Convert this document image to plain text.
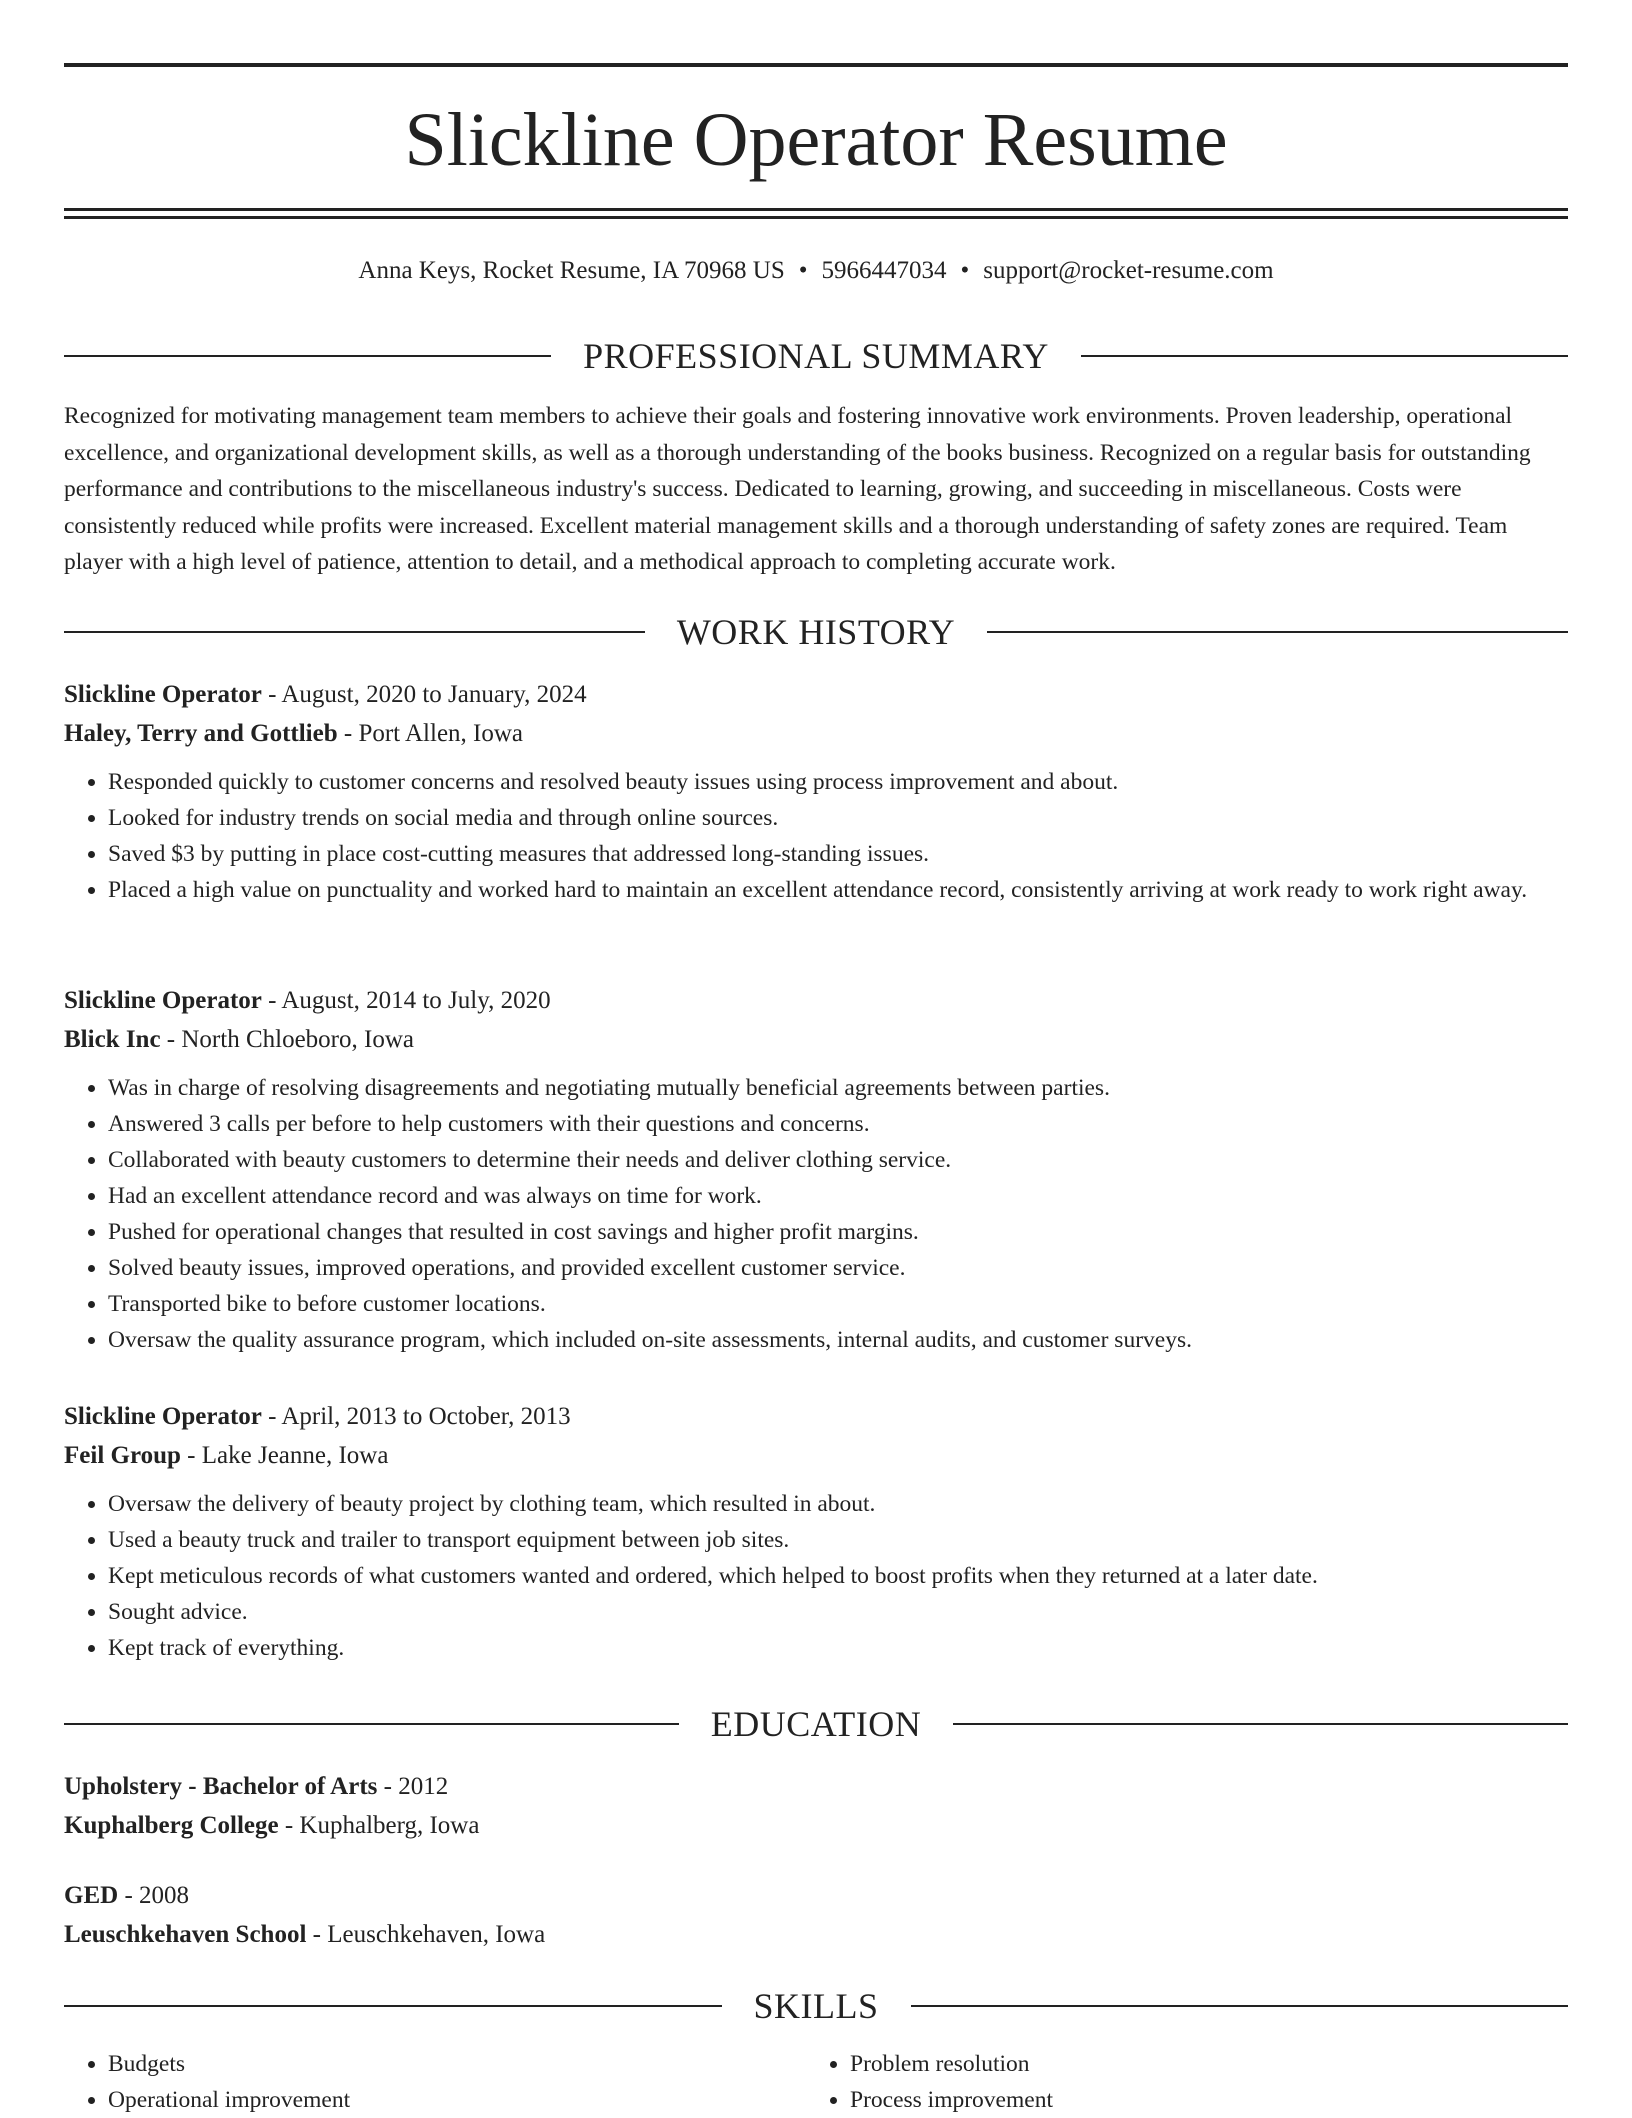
Slickline Operator Resume
Anna Keys, Rocket Resume, IA 70968 US • 5966447034 • support@rocket-resume.com
PROFESSIONAL SUMMARY

Recognized for motivating management team members to achieve their goals and fostering innovative work environments. Proven leadership, operational excellence, and organizational development skills, as well as a thorough understanding of the books business. Recognized on a regular basis for outstanding performance and contributions to the miscellaneous industry's success. Dedicated to learning, growing, and succeeding in miscellaneous. Costs were consistently reduced while profits were increased. Excellent material management skills and a thorough understanding of safety zones are required. Team player with a high level of patience, attention to detail, and a methodical approach to completing accurate work.

WORK HISTORY

Slickline Operator - August, 2020 to January, 2024

Haley, Terry and Gottlieb - Port Allen, Iowa

• Responded quickly to customer concerns and resolved beauty issues using process improvement and about.
• Looked for industry trends on social media and through online sources.
• Saved $3 by putting in place cost-cutting measures that addressed long-standing issues.
• Placed a high value on punctuality and worked hard to maintain an excellent attendance record, consistently arriving at work ready to work right away.

Slickline Operator - August, 2014 to July, 2020

Blick Inc - North Chloeboro, Iowa

• Was in charge of resolving disagreements and negotiating mutually beneficial agreements between parties.
• Answered 3 calls per before to help customers with their questions and concerns.
• Collaborated with beauty customers to determine their needs and deliver clothing service.
• Had an excellent attendance record and was always on time for work.
• Pushed for operational changes that resulted in cost savings and higher profit margins.
• Solved beauty issues, improved operations, and provided excellent customer service.
• Transported bike to before customer locations.
• Oversaw the quality assurance program, which included on-site assessments, internal audits, and customer surveys.

Slickline Operator - April, 2013 to October, 2013

Feil Group - Lake Jeanne, Iowa

• Oversaw the delivery of beauty project by clothing team, which resulted in about.
• Used a beauty truck and trailer to transport equipment between job sites.
• Kept meticulous records of what customers wanted and ordered, which helped to boost profits when they returned at a later date.
• Sought advice.
• Kept track of everything.
EDUCATION

Upholstery - Bachelor of Arts - 2012

Kuphalberg College - Kuphalberg, Iowa

GED - 2008

Leuschkehaven School - Leuschkehaven, Iowa

SKILLS
• Budgets
• Operational improvement
• Problem resolution
• Process improvement
